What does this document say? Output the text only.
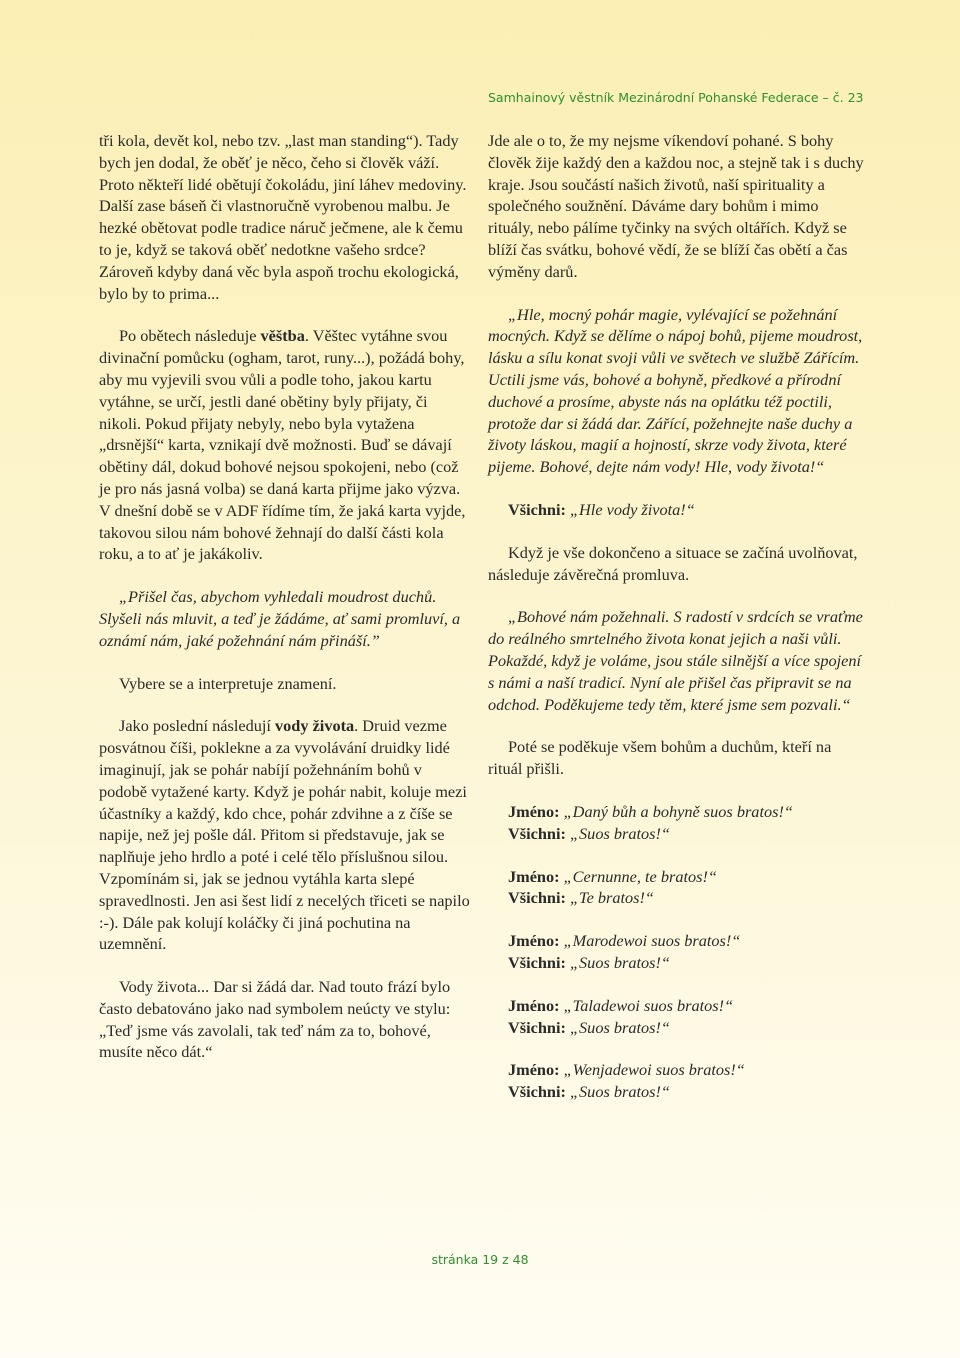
Samhainový věstník Mezinárodní Pohanské Federace – č. 23

tři kola, devět kol, nebo tzv. „last man standing“). Tady bych jen dodal, že oběť je něco, čeho si člověk váží. Proto někteří lidé obětují čokoládu, jiní láhev medoviny. Další zase báseň či vlastnoručně vyrobenou malbu. Je hezké obětovat podle tradice náruč ječmene, ale k čemu to je, když se taková oběť nedotkne vašeho srdce? Zároveň kdyby daná věc byla aspoň trochu ekologická, bylo by to prima...

Po obětech následuje věštba. Věštec vytáhne svou divinační pomůcku (ogham, tarot, runy...), požádá bohy, aby mu vyjevili svou vůli a podle toho, jakou kartu vytáhne, se určí, jestli dané obětiny byly přijaty, či nikoli. Pokud přijaty nebyly, nebo byla vytažena „drsnější“ karta, vznikají dvě možnosti. Buď se dávají obětiny dál, dokud bohové nejsou spokojeni, nebo (což je pro nás jasná volba) se daná karta přijme jako výzva. V dnešní době se v ADF řídíme tím, že jaká karta vyjde, takovou silou nám bohové žehnají do další části kola roku, a to ať je jakákoliv.

„Přišel čas, abychom vyhledali moudrost duchů. Slyšeli nás mluvit, a teď je žádáme, ať sami promluví, a oznámí nám, jaké požehnání nám přináší.”

Vybere se a interpretuje znamení.

Jako poslední následují vody života. Druid vezme posvátnou číši, poklekne a za vyvolávání druidky lidé imaginují, jak se pohár nabíjí požehnáním bohů v podobě vytažené karty. Když je pohár nabit, koluje mezi účastníky a každý, kdo chce, pohár zdvihne a z číše se napije, než jej pošle dál. Přitom si představuje, jak se naplňuje jeho hrdlo a poté i celé tělo příslušnou silou. Vzpomínám si, jak se jednou vytáhla karta slepé spravedlnosti. Jen asi šest lidí z necelých třiceti se napilo :-). Dále pak kolují koláčky či jiná pochutina na uzemnění.

Vody života... Dar si žádá dar. Nad touto frází bylo často debatováno jako nad symbolem neúcty ve stylu: „Teď jsme vás zavolali, tak teď nám za to, bohové, musíte něco dát.“

Jde ale o to, že my nejsme víkendoví pohané. S bohy člověk žije každý den a každou noc, a stejně tak i s duchy kraje. Jsou součástí našich životů, naší spirituality a společného soužnění. Dáváme dary bohům i mimo rituály, nebo pálíme tyčinky na svých oltářích. Když se blíží čas svátku, bohové vědí, že se blíží čas obětí a čas výměny darů.

„Hle, mocný pohár magie, vylévající se požehnání mocných. Když se dělíme o nápoj bohů, pijeme moudrost, lásku a sílu konat svoji vůli ve světech ve službě Zářícím. Uctili jsme vás, bohové a bohyně, předkové a přírodní duchové a prosíme, abyste nás na oplátku též poctili, protože dar si žádá dar. Zářící, požehnejte naše duchy a životy láskou, magií a hojností, skrze vody života, které pijeme. Bohové, dejte nám vody! Hle, vody života!“

Všichni: „Hle vody života!“

Když je vše dokončeno a situace se začíná uvolňovat, následuje závěrečná promluva.

„Bohové nám požehnali. S radostí v srdcích se vraťme do reálného smrtelného života konat jejich a naši vůli. Pokaždé, když je voláme, jsou stále silnější a více spojení s námi a naší tradicí. Nyní ale přišel čas připravit se na odchod. Poděkujeme tedy těm, které jsme sem pozvali.“

Poté se poděkuje všem bohům a duchům, kteří na rituál přišli.

Jméno: „Daný bůh a bohyně suos bratos!“
Všichni: „Suos bratos!“
Jméno: „Cernunne, te bratos!“
Všichni: „Te bratos!“
Jméno: „Marodewoi suos bratos!“
Všichni: „Suos bratos!“
Jméno: „Taladewoi suos bratos!“
Všichni: „Suos bratos!“
Jméno: „Wenjadewoi suos bratos!“
Všichni: „Suos bratos!“
stránka 19 z 48
